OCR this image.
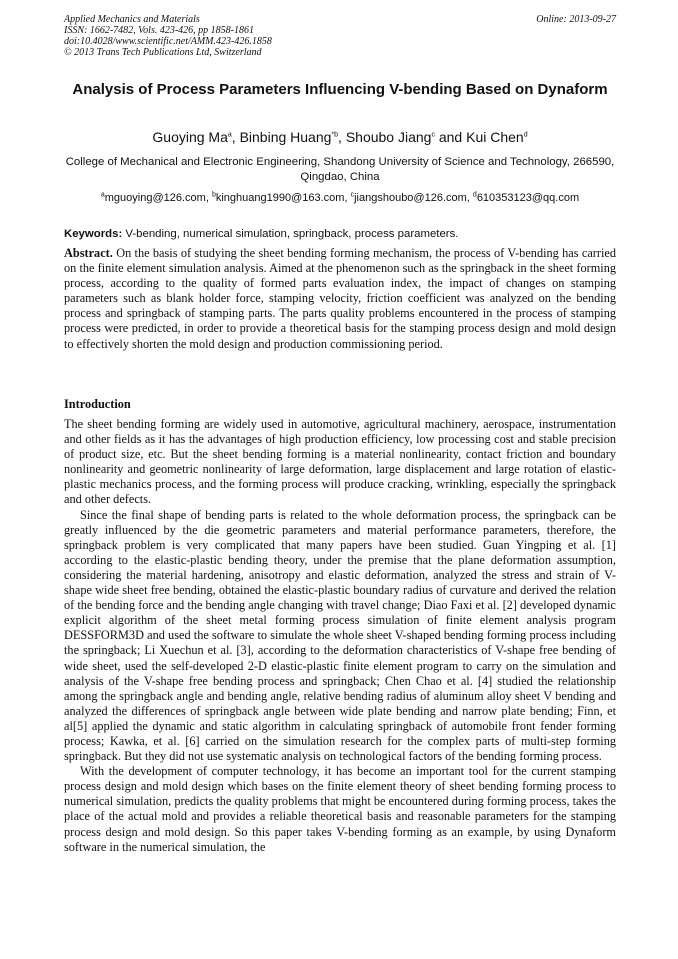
Applied Mechanics and Materials
ISSN: 1662-7482, Vols. 423-426, pp 1858-1861
doi:10.4028/www.scientific.net/AMM.423-426.1858
© 2013 Trans Tech Publications Ltd, Switzerland
Online: 2013-09-27
Analysis of Process Parameters Influencing V-bending Based on Dynaform
Guoying Ma$^a$, Binbing Huang$^{*b}$, Shoubo Jiang$^c$ and Kui Chen$^d$
College of Mechanical and Electronic Engineering, Shandong University of Science and Technology, 266590, Qingdao, China
$^a$mguoying@126.com, $^b$kinghuang1990@163.com, $^c$jiangshoubo@126.com, $^d$610353123@qq.com
Keywords: V-bending, numerical simulation, springback, process parameters.
Abstract. On the basis of studying the sheet bending forming mechanism, the process of V-bending has carried on the finite element simulation analysis. Aimed at the phenomenon such as the springback in the sheet forming process, according to the quality of formed parts evaluation index, the impact of changes on stamping parameters such as blank holder force, stamping velocity, friction coefficient was analyzed on the bending process and springback of stamping parts. The parts quality problems encountered in the process of stamping process were predicted, in order to provide a theoretical basis for the stamping process design and mold design to effectively shorten the mold design and production commissioning period.
Introduction

The sheet bending forming are widely used in automotive, agricultural machinery, aerospace, instrumentation and other fields as it has the advantages of high production efficiency, low processing cost and stable precision of product size, etc. But the sheet bending forming is a material nonlinearity, contact friction and boundary nonlinearity and geometric nonlinearity of large deformation, large displacement and large rotation of elastic-plastic mechanics process, and the forming process will produce cracking, wrinkling, especially the springback and other defects.

Since the final shape of bending parts is related to the whole deformation process, the springback can be greatly influenced by the die geometric parameters and material performance parameters, therefore, the springback problem is very complicated that many papers have been studied. Guan Yingping et al. [1] according to the elastic-plastic bending theory, under the premise that the plane deformation assumption, considering the material hardening, anisotropy and elastic deformation, analyzed the stress and strain of V-shape wide sheet free bending, obtained the elastic-plastic boundary radius of curvature and derived the relation of the bending force and the bending angle changing with travel change; Diao Faxi et al. [2] developed dynamic explicit algorithm of the sheet metal forming process simulation of finite element analysis program DESSFORM3D and used the software to simulate the whole sheet V-shaped bending forming process including the springback; Li Xuechun et al. [3], according to the deformation characteristics of V-shape free bending of wide sheet, used the self-developed 2-D elastic-plastic finite element program to carry on the simulation and analysis of the V-shape free bending process and springback; Chen Chao et al. [4] studied the relationship among the springback angle and bending angle, relative bending radius of aluminum alloy sheet V bending and analyzed the differences of springback angle between wide plate bending and narrow plate bending; Finn, et al[5] applied the dynamic and static algorithm in calculating springback of automobile front fender forming process; Kawka, et al. [6] carried on the simulation research for the complex parts of multi-step forming springback. But they did not use systematic analysis on technological factors of the bending forming process.

With the development of computer technology, it has become an important tool for the current stamping process design and mold design which bases on the finite element theory of sheet bending forming process to numerical simulation, predicts the quality problems that might be encountered during forming process, takes the place of the actual mold and provides a reliable theoretical basis and reasonable parameters for the stamping process design and mold design. So this paper takes V-bending forming as an example, by using Dynaform software in the numerical simulation, the
